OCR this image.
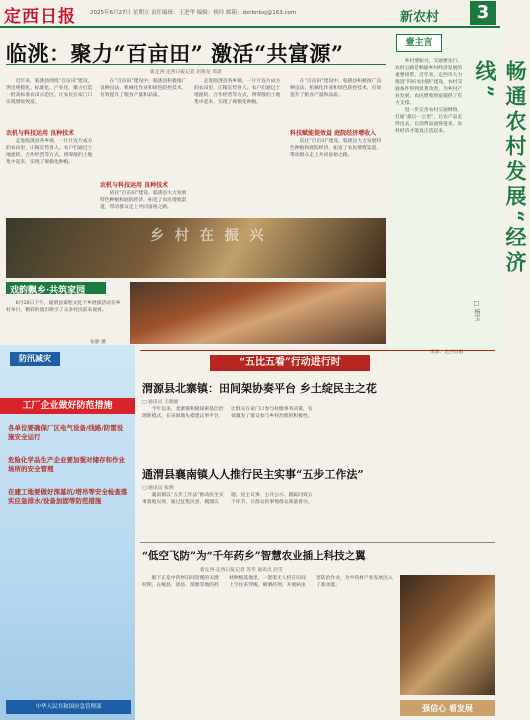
定西日报	2025年6月27日 星期五 责任编辑：王进华 编辑：杨玲 邮箱：dxrbnbxj@163.com	新农村	3
临洮：聚力“百亩田” 激活“共富源”
新定西·定西日报记者 赵海龙 邓晨

近年来，临洮县围绕“百亩田”建设，突出规模化、标准化、产业化，聚力打造一批高标准农田示范区，让农民在家门口实现增收致富。

农机与科技运用 良种技术

走进临洮县各乡镇，一片片连片成方的农田里，庄稼长势喜人。农户们通过土地流转、合作经营等方式，将零散的土地集中起来，实现了规模化种植。

在“百亩田”建设中，临洮县积极推广良种良法、机械化作业和绿色防控技术，有效提升了粮食产量和品质。

农机与科技运用 良种技术

依托“百亩田”建设，临洮县大力发展特色种植和庭院经济，拓宽了农民增收渠道，带动群众走上共同富裕之路。

走进临洮县各乡镇，一片片连片成方的农田里，庄稼长势喜人。农户们通过土地流转、合作经营等方式，将零散的土地集中起来，实现了规模化种植。

科技赋能提效益 庭院经济增收入

在“百亩田”建设中，临洮县积极推广良种良法、机械化作业和绿色防控技术，有效提升了粮食产量和品质。

依托“百亩田”建设，临洮县大力发展特色种植和庭院经济，拓宽了农民增收渠道，带动群众走上共同富裕之路。

乡 村 在 振 兴
戏韵飘乡·共筑家园

6月26日下午，通渭县秦腔文化下乡展演活动在乡村举行，精彩的演出吸引了众多村民前来观看。

张静 摄
壹主言

乡村要振兴，交通要先行。农村公路是畅通乡村经济发展的重要纽带。近年来，定西市大力推进“四好农村路”建设，农村交通条件得到显著改善，为乡村产业发展、农民增收致富提供了有力支撑。

进一步完善农村交通网络，打通“最后一公里”，让农产品走得出去，让消费品流得进来，农村经济才能真正活起来。	畅通农村发展“经济线”
□ 杨宝
来源：定西日报
防汛减灾
工厂企业做好防范措施
各单位要确保厂区电气设备/线路/防雷设施安全运行
危险化学品生产企业要加强对储存和作业场所的安全管理
在建工地要做好深基坑/塔吊等安全检查落实应急排水/设备加固等防范措施
中华人民共和国应急管理部
“五比五看”行动进行时
渭源县北寨镇：田间架协奏平台 乡土绽民主之花
□ 通讯员 王晓丽

今年以来，北寨镇积极探索基层治理新模式，在田间地头搭建议事平台，让群众在家门口参与村级事务决策，有效激发了群众参与乡村治理的积极性。

通渭县襄南镇人人推行民主实事“五步工作法”
□ 通讯员 张明

襄南镇以“五步工作法”推动民生实事落地见效，通过征集民意、梳理议题、民主议事、公开公示、跟踪问效五个环节，让群众的事情群众商量着办。

“低空飞防”为“千年药乡”智慧农业插上科技之翼
新定西·定西日报记者 苏华 通讯员 赵雪

眼下正是中药材田间管理的关键时期，在岷县、漳县、渭源等地的药材种植基地里，一架架无人机在田间上空往来穿梭，喷洒药剂，开展病虫害防治作业，为中药材产业发展注入了新动能。

强信心 看发展
